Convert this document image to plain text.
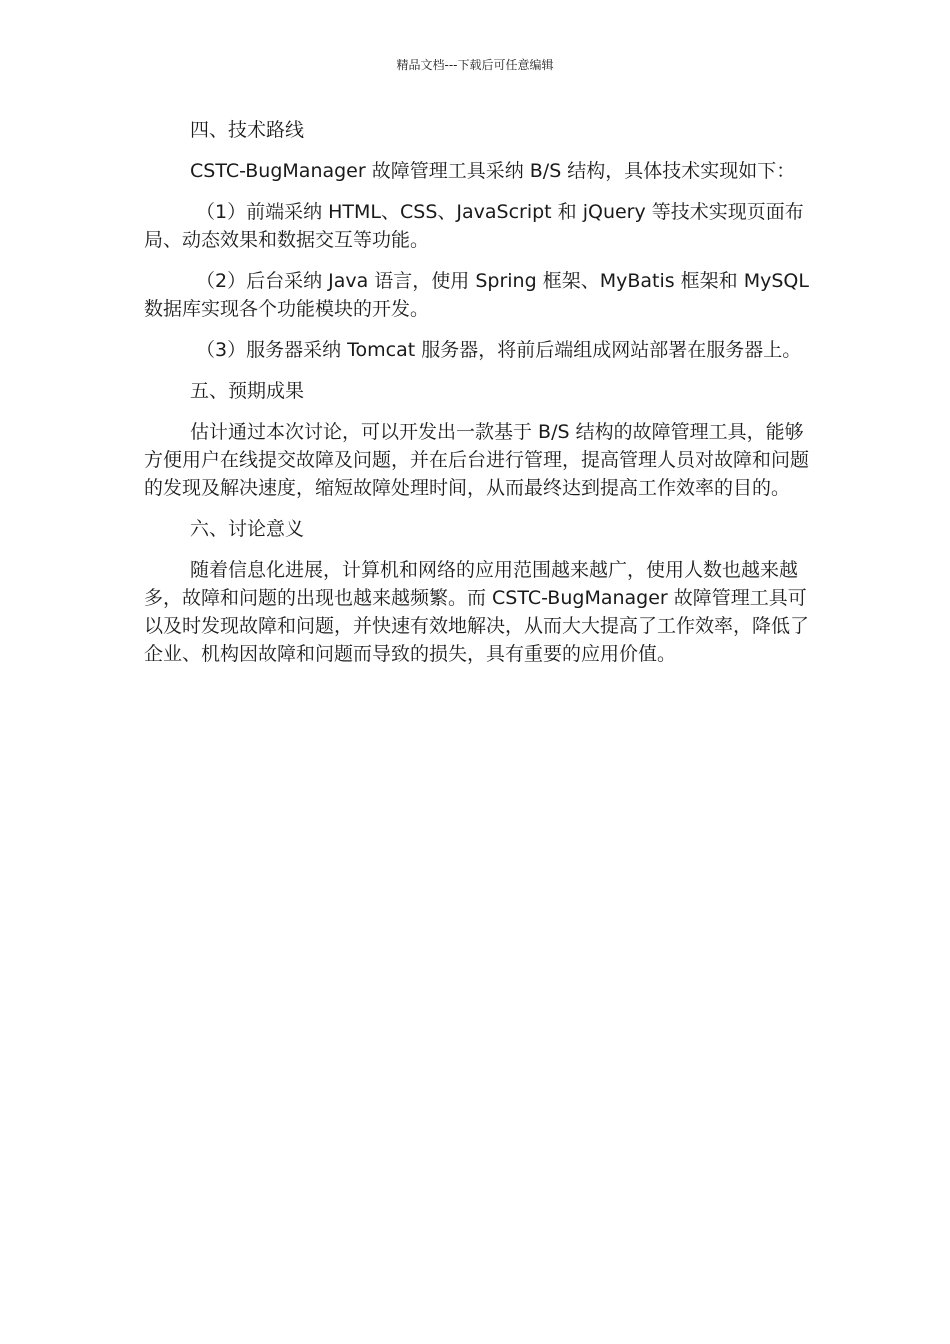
精品文档---下载后可任意编辑

四、技术路线

CSTC-BugManager 故障管理工具采纳 B/S 结构，具体技术实现如下：

（1）前端采纳 HTML、CSS、JavaScript 和 jQuery 等技术实现页面布局、动态效果和数据交互等功能。

（2）后台采纳 Java 语言，使用 Spring 框架、MyBatis 框架和 MySQL 数据库实现各个功能模块的开发。

（3）服务器采纳 Tomcat 服务器，将前后端组成网站部署在服务器上。

五、预期成果

估计通过本次讨论，可以开发出一款基于 B/S 结构的故障管理工具，能够方便用户在线提交故障及问题，并在后台进行管理，提高管理人员对故障和问题的发现及解决速度，缩短故障处理时间，从而最终达到提高工作效率的目的。

六、讨论意义

随着信息化进展，计算机和网络的应用范围越来越广，使用人数也越来越多，故障和问题的出现也越来越频繁。而 CSTC-BugManager 故障管理工具可以及时发现故障和问题，并快速有效地解决，从而大大提高了工作效率，降低了企业、机构因故障和问题而导致的损失，具有重要的应用价值。
